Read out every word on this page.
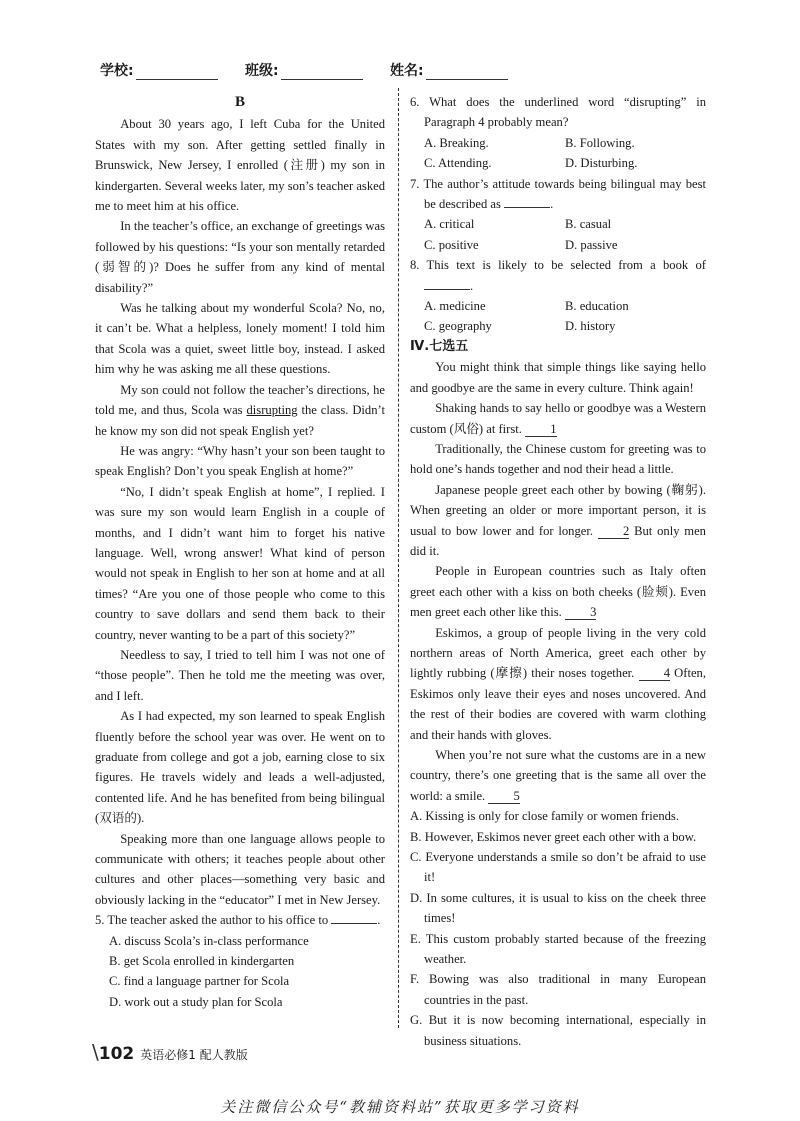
学校:	班级:	姓名:

B

About 30 years ago, I left Cuba for the United States with my son. After getting settled finally in Brunswick, New Jersey, I enrolled (注册) my son in kindergarten. Several weeks later, my son’s teacher asked me to meet him at his office.

In the teacher’s office, an exchange of greetings was followed by his questions: “Is your son mentally retarded (弱智的)? Does he suffer from any kind of mental disability?”

Was he talking about my wonderful Scola? No, no, it can’t be. What a helpless, lonely moment! I told him that Scola was a quiet, sweet little boy, instead. I asked him why he was asking me all these questions.

My son could not follow the teacher’s directions, he told me, and thus, Scola was disrupting the class. Didn’t he know my son did not speak English yet?

He was angry: “Why hasn’t your son been taught to speak English? Don’t you speak English at home?”

“No, I didn’t speak English at home”, I replied. I was sure my son would learn English in a couple of months, and I didn’t want him to forget his native language. Well, wrong answer! What kind of person would not speak in English to her son at home and at all times? “Are you one of those people who come to this country to save dollars and send them back to their country, never wanting to be a part of this society?”

Needless to say, I tried to tell him I was not one of “those people”. Then he told me the meeting was over, and I left.

As I had expected, my son learned to speak English fluently before the school year was over. He went on to graduate from college and got a job, earning close to six figures. He travels widely and leads a well-adjusted, contented life. And he has benefited from being bilingual (双语的).

Speaking more than one language allows people to communicate with others; it teaches people about other cultures and other places—something very basic and obviously lacking in the “educator” I met in New Jersey.

5. The teacher asked the author to his office to	.

A. discuss Scola’s in-class performance

B. get Scola enrolled in kindergarten

C. find a language partner for Scola

D. work out a study plan for Scola

6. What does the underlined word “disrupting” in Paragraph 4 probably mean?

A. Breaking.	B. Following.

C. Attending.	D. Disturbing.

7. The author’s attitude towards being bilingual may best be described as	.

A. critical	B. casual

C. positive	D. passive

8. This text is likely to be selected from a book of .

A. medicine	B. education

C. geography	D. history

Ⅳ.七选五

You might think that simple things like saying hello and goodbye are the same in every culture. Think again!

Shaking hands to say hello or goodbye was a Western custom (风俗) at first. 1

Traditionally, the Chinese custom for greeting was to hold one’s hands together and nod their head a little.

Japanese people greet each other by bowing (鞠躬). When greeting an older or more important person, it is usual to bow lower and for longer. 2 But only men did it.

People in European countries such as Italy often greet each other with a kiss on both cheeks (脸颊). Even men greet each other like this. 3

Eskimos, a group of people living in the very cold northern areas of North America, greet each other by lightly rubbing (摩擦) their noses together. 4 Often, Eskimos only leave their eyes and noses uncovered. And the rest of their bodies are covered with warm clothing and their hands with gloves.

When you’re not sure what the customs are in a new country, there’s one greeting that is the same all over the world: a smile. 5

A. Kissing is only for close family or women friends.

B. However, Eskimos never greet each other with a bow.

C. Everyone understands a smile so don’t be afraid to use it!

D. In some cultures, it is usual to kiss on the cheek three times!

E. This custom probably started because of the freezing weather.

F. Bowing was also traditional in many European countries in the past.

G. But it is now becoming international, especially in business situations.

\102 英语必修1 配人教版
关注微信公众号“教辅资料站”获取更多学习资料
